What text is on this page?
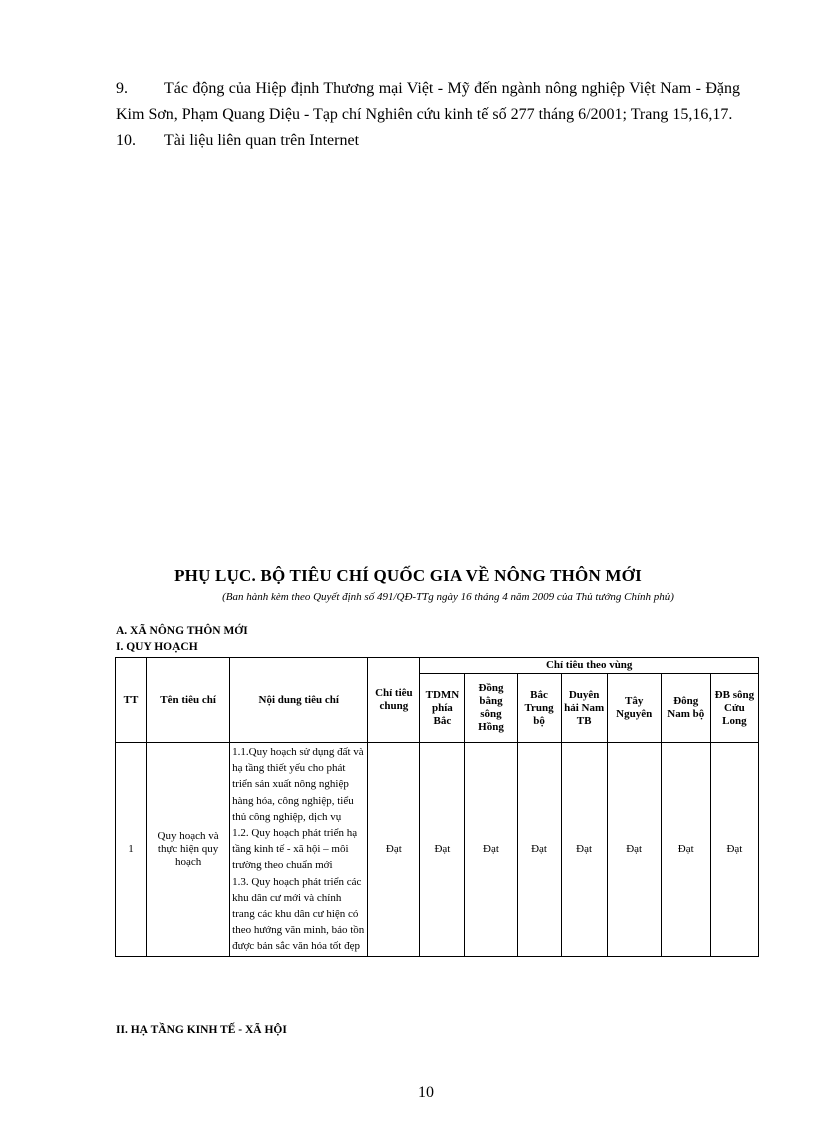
9. Tác động của Hiệp định Thương mại Việt - Mỹ đến ngành nông nghiệp Việt Nam - Đặng Kim Sơn, Phạm Quang Diệu - Tạp chí Nghiên cứu kinh tế số 277 tháng 6/2001; Trang 15,16,17.

10. Tài liệu liên quan trên Internet

PHỤ LỤC. BỘ TIÊU CHÍ QUỐC GIA VỀ NÔNG THÔN MỚI
(Ban hành kèm theo Quyết định số 491/QĐ-TTg ngày 16 tháng 4 năm 2009 của Thủ tướng Chính phủ)
A. XÃ NÔNG THÔN MỚI
I. QUY HOẠCH
TT	Tên tiêu chí	Nội dung tiêu chí	Chỉ tiêu chung	Chỉ tiêu theo vùng						
				TDMN phía Bắc	Đồng bằng sông Hồng	Bắc Trung bộ	Duyên hải Nam TB	Tây Nguyên	Đông Nam bộ	ĐB sông Cửu Long
1	Quy hoạch và thực hiện quy hoạch	1.1.Quy hoạch sử dụng đất và hạ tầng thiết yếu cho phát triển sản xuất nông nghiệp hàng hóa, công nghiệp, tiểu thủ công nghiệp, dịch vụ
1.2. Quy hoạch phát triển hạ tầng kinh tế - xã hội – môi trường theo chuẩn mới
1.3. Quy hoạch phát triển các khu dân cư mới và chỉnh trang các khu dân cư hiện có theo hướng văn minh, bảo tồn được bản sắc văn hóa tốt đẹp	Đạt	Đạt	Đạt	Đạt	Đạt	Đạt	Đạt	Đạt
II. HẠ TẦNG KINH TẾ - XÃ HỘI
10
